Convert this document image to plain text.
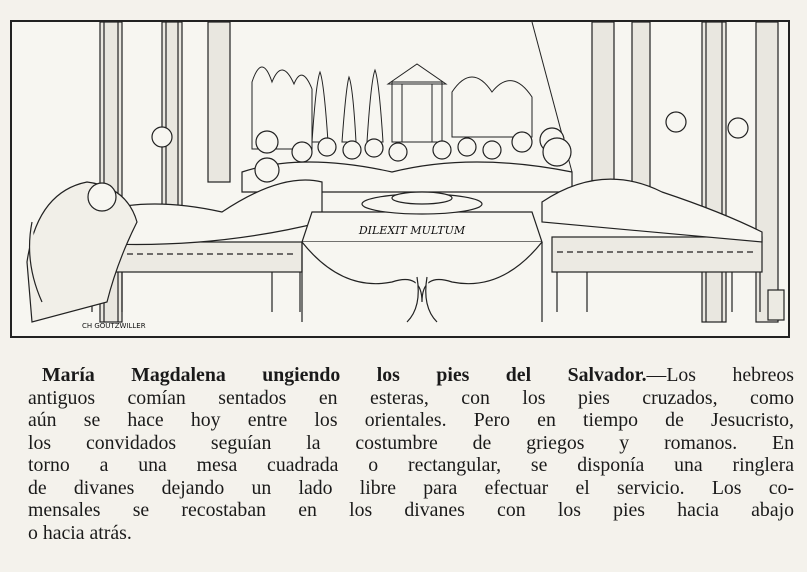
DILEXIT MULTUM
CH GOUTZWILLER

María Magdalena ungiendo los pies del Salvador.—Los hebreos
antiguos comían sentados en esteras, con los pies cruzados, como
aún se hace hoy entre los orientales. Pero en tiempo de Jesucristo,
los convidados seguían la costumbre de griegos y romanos. En
torno a una mesa cuadrada o rectangular, se disponía una ringlera
de divanes dejando un lado libre para efectuar el servicio. Los co-
mensales se recostaban en los divanes con los pies hacia abajo
o hacia atrás.
